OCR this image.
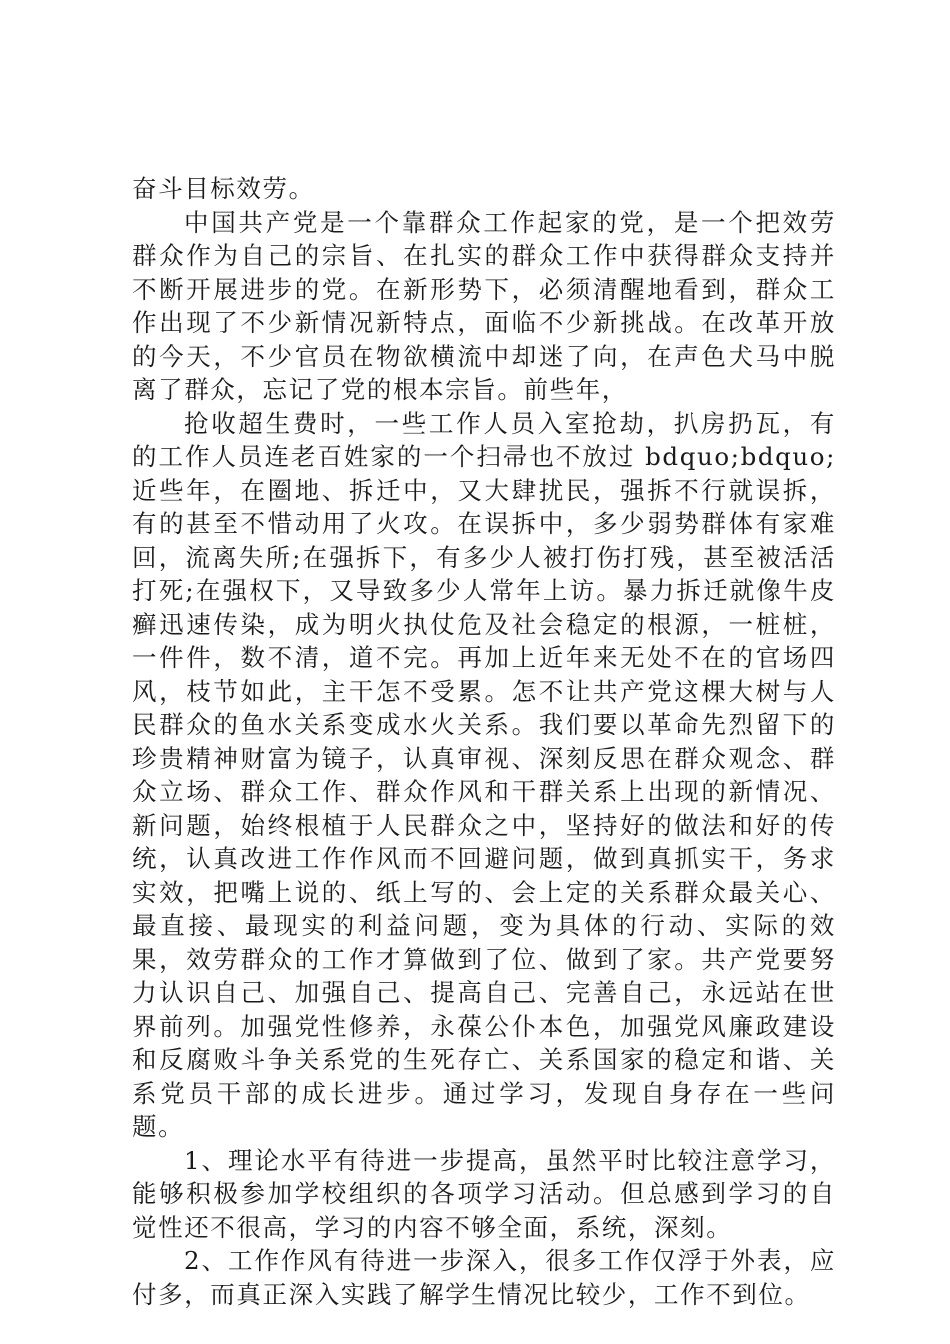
奋斗目标效劳。

中国共产党是一个靠群众工作起家的党，是一个把效劳群众作为自己的宗旨、在扎实的群众工作中获得群众支持并不断开展进步的党。在新形势下，必须清醒地看到，群众工作出现了不少新情况新特点，面临不少新挑战。在改革开放的今天，不少官员在物欲横流中却迷了向，在声色犬马中脱离了群众，忘记了党的根本宗旨。前些年，

抢收超生费时，一些工作人员入室抢劫，扒房扔瓦，有的工作人员连老百姓家的一个扫帚也不放过 bdquo;bdquo;近些年，在圈地、拆迁中，又大肆扰民，强拆不行就误拆，有的甚至不惜动用了火攻。在误拆中，多少弱势群体有家难回，流离失所;在强拆下，有多少人被打伤打残，甚至被活活打死;在强权下，又导致多少人常年上访。暴力拆迁就像牛皮癣迅速传染，成为明火执仗危及社会稳定的根源，一桩桩，一件件，数不清，道不完。再加上近年来无处不在的官场四风，枝节如此，主干怎不受累。怎不让共产党这棵大树与人民群众的鱼水关系变成水火关系。我们要以革命先烈留下的珍贵精神财富为镜子，认真审视、深刻反思在群众观念、群众立场、群众工作、群众作风和干群关系上出现的新情况、新问题，始终根植于人民群众之中，坚持好的做法和好的传统，认真改进工作作风而不回避问题，做到真抓实干，务求实效，把嘴上说的、纸上写的、会上定的关系群众最关心、最直接、最现实的利益问题，变为具体的行动、实际的效果，效劳群众的工作才算做到了位、做到了家。共产党要努力认识自己、加强自己、提高自己、完善自己，永远站在世界前列。加强党性修养，永葆公仆本色，加强党风廉政建设和反腐败斗争关系党的生死存亡、关系国家的稳定和谐、关系党员干部的成长进步。通过学习，发现自身存在一些问题。

1、理论水平有待进一步提高，虽然平时比较注意学习，能够积极参加学校组织的各项学习活动。但总感到学习的自觉性还不很高，学习的内容不够全面，系统，深刻。

2、工作作风有待进一步深入，很多工作仅浮于外表，应付多，而真正深入实践了解学生情况比较少，工作不到位。
